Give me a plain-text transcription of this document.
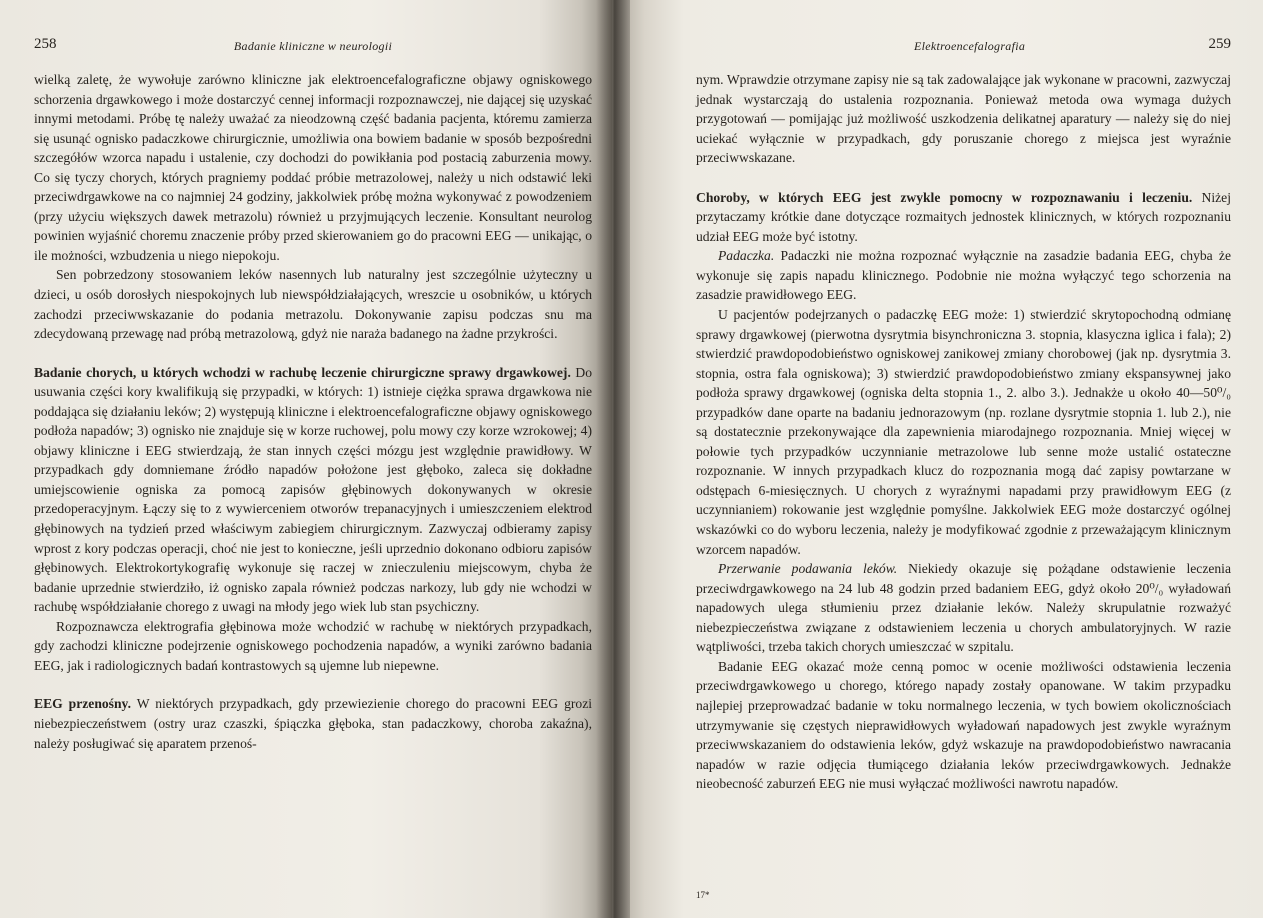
258	Badanie kliniczne w neurologii

wielką zaletę, że wywołuje zarówno kliniczne jak elektroencefalograficzne objawy ogniskowego schorzenia drgawkowego i może dostarczyć cennej informacji rozpoznawczej, nie dającej się uzyskać innymi metodami. Próbę tę należy uważać za nieodzowną część badania pacjenta, któremu zamierza się usunąć ognisko padaczkowe chirurgicznie, umożliwia ona bowiem badanie w sposób bezpośredni szczegółów wzorca napadu i ustalenie, czy dochodzi do powikłania pod postacią zaburzenia mowy. Co się tyczy chorych, których pragniemy poddać próbie metrazolowej, należy u nich odstawić leki przeciwdrgawkowe na co najmniej 24 godziny, jakkolwiek próbę można wykonywać z powodzeniem (przy użyciu większych dawek metrazolu) również u przyjmujących leczenie. Konsultant neurolog powinien wyjaśnić choremu znaczenie próby przed skierowaniem go do pracowni EEG — unikając, o ile możności, wzbudzenia u niego niepokoju.

Sen pobrzedzony stosowaniem leków nasennych lub naturalny jest szczególnie użyteczny u dzieci, u osób dorosłych niespokojnych lub niewspółdziałających, wreszcie u osobników, u których zachodzi przeciwwskazanie do podania metrazolu. Dokonywanie zapisu podczas snu ma zdecydowaną przewagę nad próbą metrazolową, gdyż nie naraża badanego na żadne przykrości.

Badanie chorych, u których wchodzi w rachubę leczenie chirurgiczne sprawy drgawkowej. Do usuwania części kory kwalifikują się przypadki, w których: 1) istnieje ciężka sprawa drgawkowa nie poddająca się działaniu leków; 2) występują kliniczne i elektroencefalograficzne objawy ogniskowego podłoża napadów; 3) ognisko nie znajduje się w korze ruchowej, polu mowy czy korze wzrokowej; 4) objawy kliniczne i EEG stwierdzają, że stan innych części mózgu jest względnie prawidłowy. W przypadkach gdy domniemane źródło napadów położone jest głęboko, zaleca się dokładne umiejscowienie ogniska za pomocą zapisów głębinowych dokonywanych w okresie przedoperacyjnym. Łączy się to z wywierceniem otworów trepanacyjnych i umieszczeniem elektrod głębinowych na tydzień przed właściwym zabiegiem chirurgicznym. Zazwyczaj odbieramy zapisy wprost z kory podczas operacji, choć nie jest to konieczne, jeśli uprzednio dokonano odbioru zapisów głębinowych. Elektrokortykografię wykonuje się raczej w znieczuleniu miejscowym, chyba że badanie uprzednie stwierdziło, iż ognisko zapala również podczas narkozy, lub gdy nie wchodzi w rachubę współdziałanie chorego z uwagi na młody jego wiek lub stan psychiczny.

Rozpoznawcza elektrografia głębinowa może wchodzić w rachubę w niektórych przypadkach, gdy zachodzi kliniczne podejrzenie ogniskowego pochodzenia napadów, a wyniki zarówno badania EEG, jak i radiologicznych badań kontrastowych są ujemne lub niepewne.

EEG przenośny. W niektórych przypadkach, gdy przewiezienie chorego do pracowni EEG grozi niebezpieczeństwem (ostry uraz czaszki, śpiączka głęboka, stan padaczkowy, choroba zakaźna), należy posługiwać się aparatem przenoś-

Elektroencefalografia	259

nym. Wprawdzie otrzymane zapisy nie są tak zadowalające jak wykonane w pracowni, zazwyczaj jednak wystarczają do ustalenia rozpoznania. Ponieważ metoda owa wymaga dużych przygotowań — pomijając już możliwość uszkodzenia delikatnej aparatury — należy się do niej uciekać wyłącznie w przypadkach, gdy poruszanie chorego z miejsca jest wyraźnie przeciwwskazane.

Choroby, w których EEG jest zwykle pomocny w rozpoznawaniu i leczeniu. Niżej przytaczamy krótkie dane dotyczące rozmaitych jednostek klinicznych, w których rozpoznaniu udział EEG może być istotny.

Padaczka. Padaczki nie można rozpoznać wyłącznie na zasadzie badania EEG, chyba że wykonuje się zapis napadu klinicznego. Podobnie nie można wyłączyć tego schorzenia na zasadzie prawidłowego EEG.

U pacjentów podejrzanych o padaczkę EEG może: 1) stwierdzić skrytopochodną odmianę sprawy drgawkowej (pierwotna dysrytmia bisynchroniczna 3. stopnia, klasyczna iglica i fala); 2) stwierdzić prawdopodobieństwo ogniskowej zanikowej zmiany chorobowej (jak np. dysrytmia 3. stopnia, ostra fala ogniskowa); 3) stwierdzić prawdopodobieństwo zmiany ekspansywnej jako podłoża sprawy drgawkowej (ogniska delta stopnia 1., 2. albo 3.). Jednakże u około 40—50⁰/₀ przypadków dane oparte na badaniu jednorazowym (np. rozlane dysrytmie stopnia 1. lub 2.), nie są dostatecznie przekonywające dla zapewnienia miarodajnego rozpoznania. Mniej więcej w połowie tych przypadków uczynnianie metrazolowe lub senne może ustalić ostateczne rozpoznanie. W innych przypadkach klucz do rozpoznania mogą dać zapisy powtarzane w odstępach 6-miesięcznych. U chorych z wyraźnymi napadami przy prawidłowym EEG (z uczynnianiem) rokowanie jest względnie pomyślne. Jakkolwiek EEG może dostarczyć ogólnej wskazówki co do wyboru leczenia, należy je modyfikować zgodnie z przeważającym klinicznym wzorcem napadów.

Przerwanie podawania leków. Niekiedy okazuje się pożądane odstawienie leczenia przeciwdrgawkowego na 24 lub 48 godzin przed badaniem EEG, gdyż około 20⁰/₀ wyładowań napadowych ulega stłumieniu przez działanie leków. Należy skrupulatnie rozważyć niebezpieczeństwa związane z odstawieniem leczenia u chorych ambulatoryjnych. W razie wątpliwości, trzeba takich chorych umieszczać w szpitalu.

Badanie EEG okazać może cenną pomoc w ocenie możliwości odstawienia leczenia przeciwdrgawkowego u chorego, którego napady zostały opanowane. W takim przypadku najlepiej przeprowadzać badanie w toku normalnego leczenia, w tych bowiem okolicznościach utrzymywanie się częstych nieprawidłowych wyładowań napadowych jest zwykle wyraźnym przeciwwskazaniem do odstawienia leków, gdyż wskazuje na prawdopodobieństwo nawracania napadów w razie odjęcia tłumiącego działania leków przeciwdrgawkowych. Jednakże nieobecność zaburzeń EEG nie musi wyłączać możliwości nawrotu napadów.

17*
